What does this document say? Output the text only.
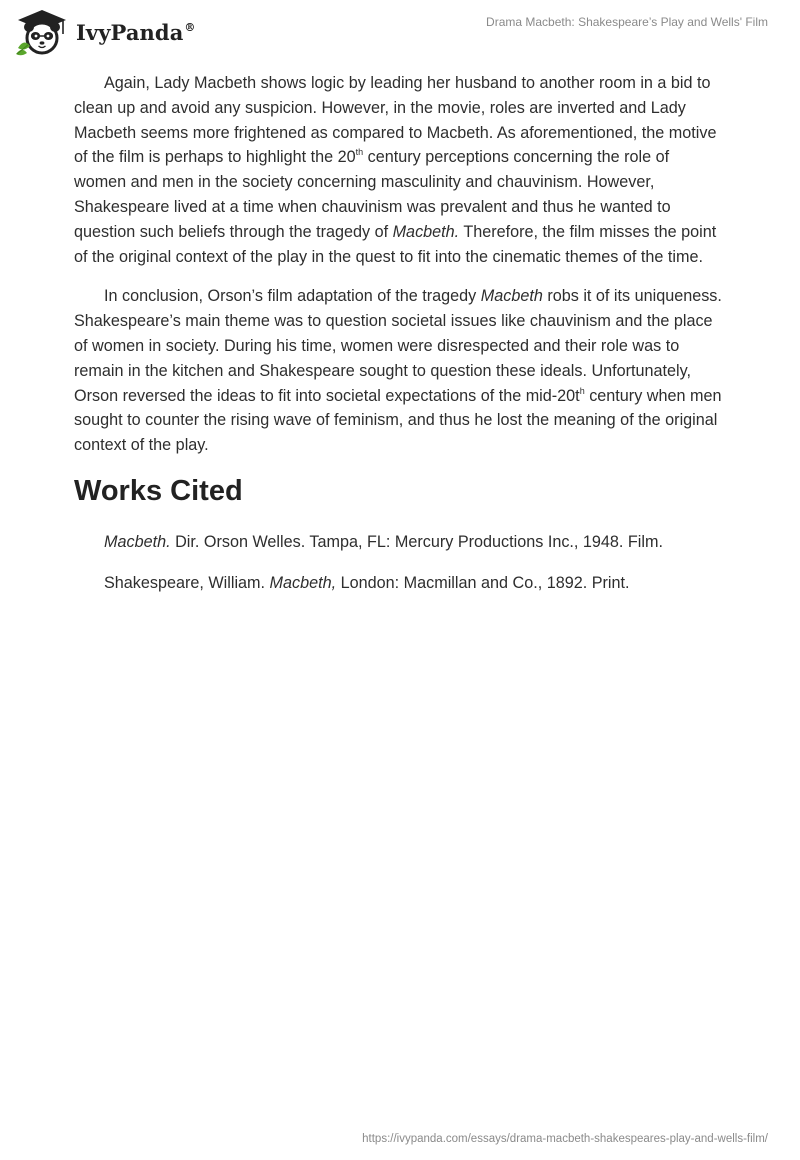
IvyPanda®	Drama Macbeth: Shakespeare’s Play and Wells' Film

Again, Lady Macbeth shows logic by leading her husband to another room in a bid to clean up and avoid any suspicion. However, in the movie, roles are inverted and Lady Macbeth seems more frightened as compared to Macbeth. As aforementioned, the motive of the film is perhaps to highlight the 20th century perceptions concerning the role of women and men in the society concerning masculinity and chauvinism. However, Shakespeare lived at a time when chauvinism was prevalent and thus he wanted to question such beliefs through the tragedy of Macbeth. Therefore, the film misses the point of the original context of the play in the quest to fit into the cinematic themes of the time.

In conclusion, Orson’s film adaptation of the tragedy Macbeth robs it of its uniqueness. Shakespeare’s main theme was to question societal issues like chauvinism and the place of women in society. During his time, women were disrespected and their role was to remain in the kitchen and Shakespeare sought to question these ideals. Unfortunately, Orson reversed the ideas to fit into societal expectations of the mid-$20t^h$ century when men sought to counter the rising wave of feminism, and thus he lost the meaning of the original context of the play.

Works Cited
Macbeth. Dir. Orson Welles. Tampa, FL: Mercury Productions Inc., 1948. Film.
Shakespeare, William. Macbeth, London: Macmillan and Co., 1892. Print.
https://ivypanda.com/essays/drama-macbeth-shakespeares-play-and-wells-film/
